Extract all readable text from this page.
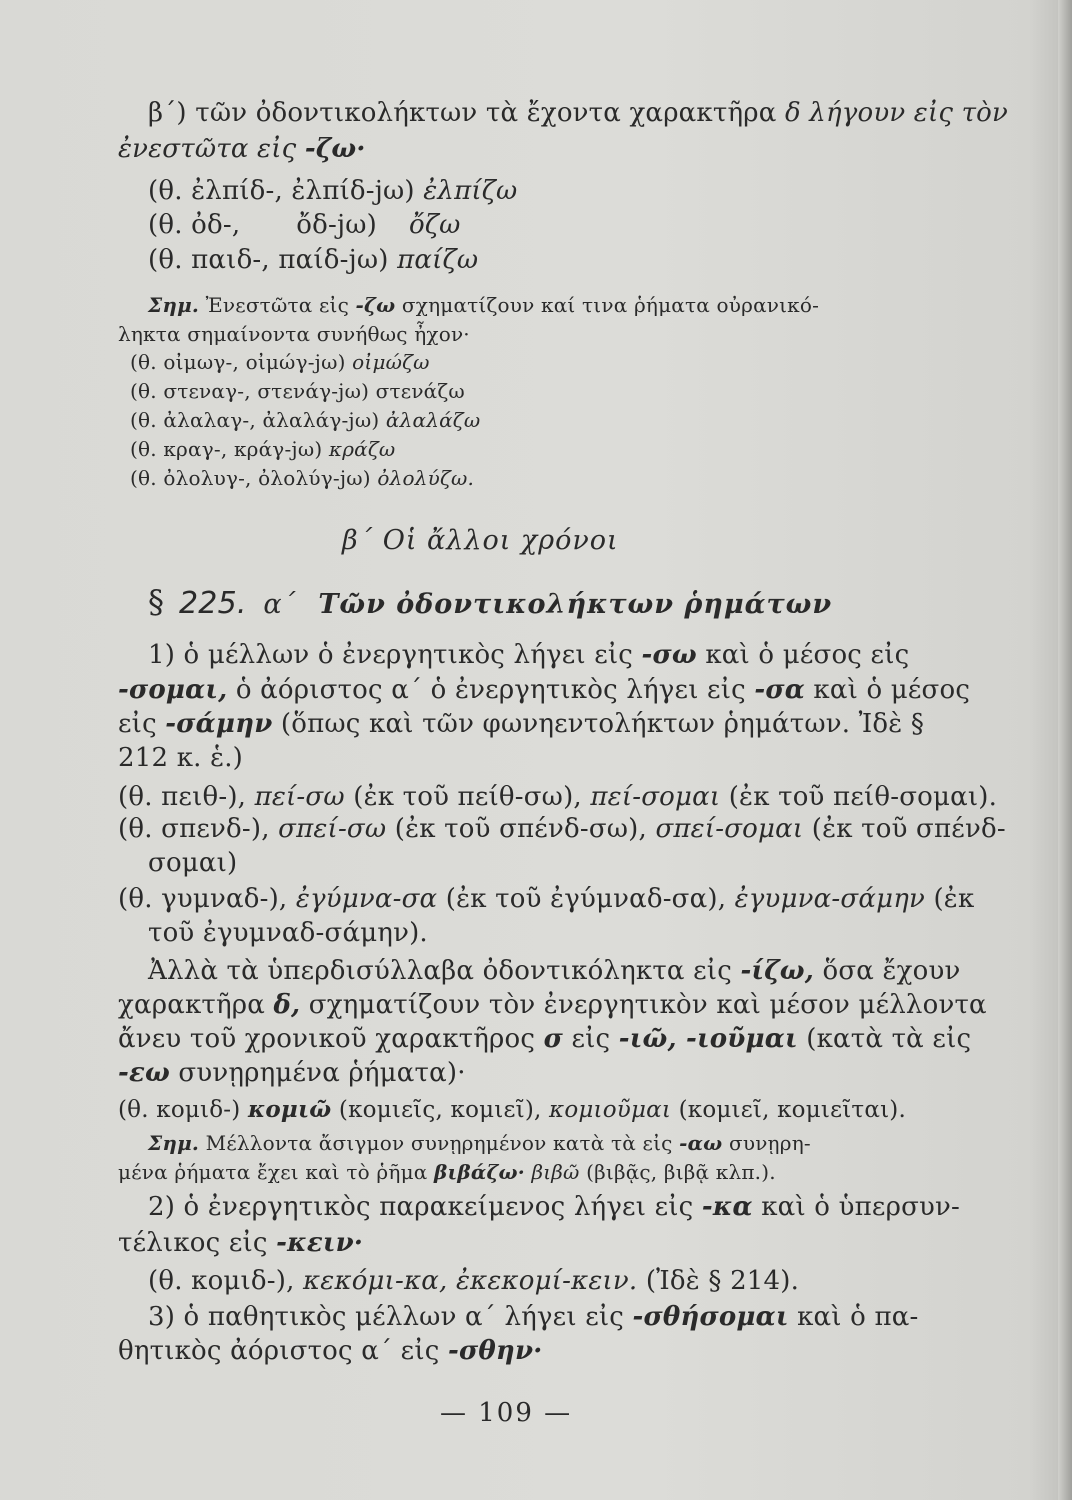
β΄) τῶν ὀδοντικολήκτων τὰ ἔχοντα χαρακτῆρα δ λήγουν εἰς τὸν
ἐνεστῶτα εἰς -ζω·
(θ. ἐλπίδ-, ἐλπίδ-jω) ἐλπίζω
(θ. ὀδ-, ὄδ-jω) ὄζω
(θ. παιδ-, παίδ-jω) παίζω
Σημ. Ἐνεστῶτα εἰς -ζω σχηματίζουν καί τινα ῥήματα οὐρανικό-
ληκτα σημαίνοντα συνήθως ἦχον·
(θ. οἰμωγ-, οἰμώγ-jω) οἰμώζω
(θ. στεναγ-, στενάγ-jω) στενάζω
(θ. ἀλαλαγ-, ἀλαλάγ-jω) ἀλαλάζω
(θ. κραγ-, κράγ-jω) κράζω
(θ. ὀλολυγ-, ὀλολύγ-jω) ὀλολύζω.
β΄ Οἱ ἄλλοι χρόνοι
§ 225. α΄ Τῶν ὀδοντικολήκτων ῥημάτων
1) ὁ μέλλων ὁ ἐνεργητικὸς λήγει εἰς -σω καὶ ὁ μέσος εἰς
-σομαι, ὁ ἀόριστος α΄ ὁ ἐνεργητικὸς λήγει εἰς -σα καὶ ὁ μέσος
εἰς -σάμην (ὅπως καὶ τῶν φωνηεντολήκτων ῥημάτων. Ἰδὲ §
212 κ. ἑ.)
(θ. πειθ-), πεί-σω (ἐκ τοῦ πείθ-σω), πεί-σομαι (ἐκ τοῦ πείθ-σομαι).
(θ. σπενδ-), σπεί-σω (ἐκ τοῦ σπένδ-σω), σπεί-σομαι (ἐκ τοῦ σπένδ-
σομαι)
(θ. γυμναδ-), ἐγύμνα-σα (ἐκ τοῦ ἐγύμναδ-σα), ἐγυμνα-σάμην (ἐκ
τοῦ ἐγυμναδ-σάμην).
Ἀλλὰ τὰ ὑπερδισύλλαβα ὀδοντικόληκτα εἰς -ίζω, ὅσα ἔχουν
χαρακτῆρα δ, σχηματίζουν τὸν ἐνεργητικὸν καὶ μέσον μέλλοντα
ἄνευ τοῦ χρονικοῦ χαρακτῆρος σ εἰς -ιῶ, -ιοῦμαι (κατὰ τὰ εἰς
-εω συνῃρημένα ῥήματα)·
(θ. κομιδ-) κομιῶ (κομιεῖς, κομιεῖ), κομιοῦμαι (κομιεῖ, κομιεῖται).
Σημ. Μέλλοντα ἄσιγμον συνῃρημένον κατὰ τὰ εἰς -αω συνῃρη-
μένα ῥήματα ἔχει καὶ τὸ ῥῆμα βιβάζω· βιβῶ (βιβᾷς, βιβᾷ κλπ.).
2) ὁ ἐνεργητικὸς παρακείμενος λήγει εἰς -κα καὶ ὁ ὑπερσυν-
τέλικος εἰς -κειν·
(θ. κομιδ-), κεκόμι-κα, ἐκεκομί-κειν. (Ἰδὲ § 214).
3) ὁ παθητικὸς μέλλων α΄ λήγει εἰς -σθήσομαι καὶ ὁ πα-
θητικὸς ἀόριστος α΄ εἰς -σθην·
— 109 —
